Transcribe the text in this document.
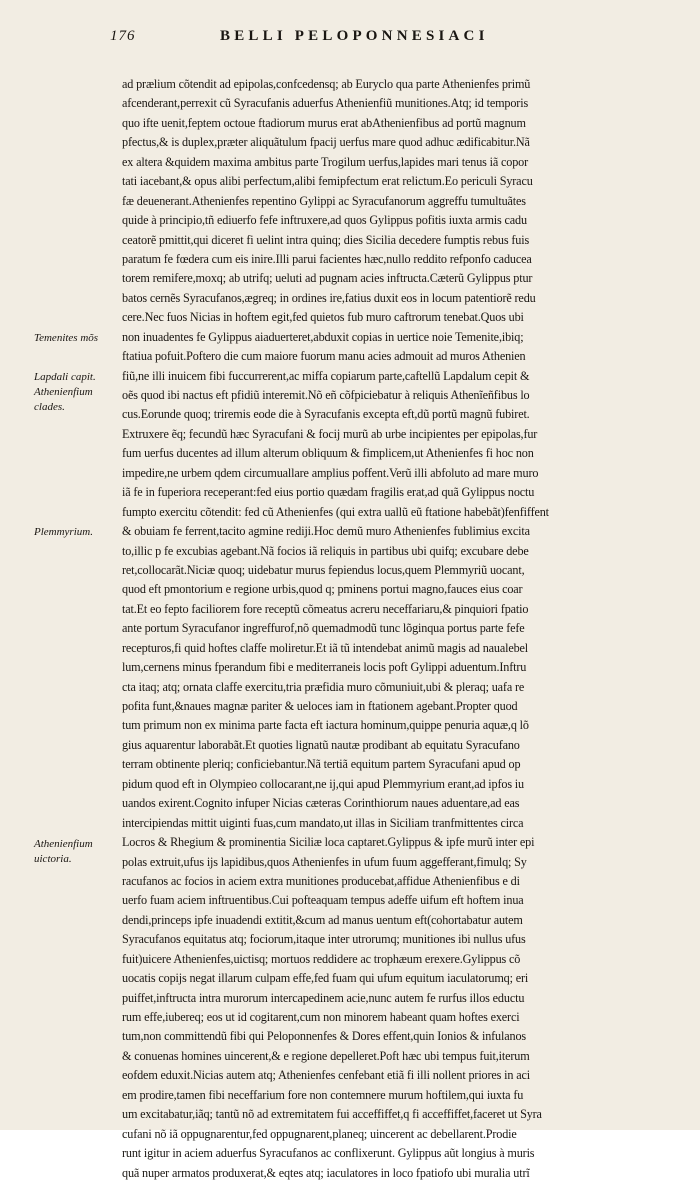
176	BELLI PELOPONNESIACI
Temenites mõs
Lapdali capit.
Athenienfium
clades.
Plemmyrium.
Athenienfium
uictoria.
ad prælium cõtendit ad epipolas,confcedensq; ab Euryclo qua parte Athenienfes primũ
afcenderant,perrexit cũ Syracufanis aduerfus Athenienfiũ munitiones.Atq; id temporis
quo ifte uenit,feptem octoue ftadiorum murus erat abAthenienfibus ad portũ magnum
pfectus,& is duplex,præter aliquãtulum fpacij uerfus mare quod adhuc ædificabitur.Nã
ex altera &quidem maxima ambitus parte Trogilum uerfus,lapides mari tenus iã copor
tati iacebant,& opus alibi perfectum,alibi femipfectum erat relictum.Eo periculi Syracu
fæ deuenerant.Athenienfes repentino Gylippi ac Syracufanorum aggreffu tumultuãtes
quide à principio,tñ ediuerfo fefe inftruxere,ad quos Gylippus pofitis iuxta armis cadu
ceatorẽ pmittit,qui diceret fi uelint intra quinq; dies Sicilia decedere fumptis rebus fuis
paratum fe fœdera cum eis inire.Illi parui facientes hæc,nullo reddito refponfo caducea
torem remifere,moxq; ab utrifq; ueluti ad pugnam acies inftructa.Cæterũ Gylippus ptur
batos cernẽs Syracufanos,ægreq; in ordines ire,fatius duxit eos in locum patentiorẽ redu
cere.Nec fuos Nicias in hoftem egit,fed quietos fub muro caftrorum tenebat.Quos ubi
non inuadentes fe Gylippus aiaduerteret,abduxit copias in uertice noie Temenite,ibiq;
ftatiua pofuit.Poftero die cum maiore fuorum manu acies admouit ad muros Athenien
fiũ,ne illi inuicem fibi fuccurrerent,ac miffa copiarum parte,caftellũ Lapdalum cepit &
oẽs quod ibi nactus eft pfidiũ interemit.Nõ eñ cõfpiciebatur à reliquis Athenĩeñfibus lo
cus.Eorunde quoq; triremis eode die à Syracufanis excepta eft,dũ portũ magnũ fubiret.
Extruxere ẽq; fecundũ hæc Syracufani & focij murũ ab urbe incipientes per epipolas,fur
fum uerfus ducentes ad illum alterum obliquum & fimplicem,ut Athenienfes fi hoc non
impedire,ne urbem qdem circumuallare amplius poffent.Verũ illi abfoluto ad mare muro
iã fe in fuperiora receperant:fed eius portio quædam fragilis erat,ad quã Gylippus noctu
fumpto exercitu cõtendit: fed cũ Athenienfes (qui extra uallũ eũ ftatione habebãt)fenfiffent
& obuiam fe ferrent,tacito agmine rediji.Hoc demũ muro Athenienfes fublimius excita
to,illic p fe excubias agebant.Nã focios iã reliquis in partibus ubi quifq; excubare debe
ret,collocarãt.Niciæ quoq; uidebatur murus fepiendus locus,quem Plemmyriũ uocant,
quod eft pmontorium e regione urbis,quod q; pminens portui magno,fauces eius coar
tat.Et eo fepto faciliorem fore receptũ cõmeatus acreru neceffariaru,& pinquiori fpatio
ante portum Syracufanor ingreffurof,nõ quemadmodũ tunc lõginqua portus parte fefe
recepturos,fi quid hoftes claffe moliretur.Et iã tũ intendebat animũ magis ad naualebel
lum,cernens minus fperandum fibi e mediterraneis locis poft Gylippi aduentum.Inftru
cta itaq; atq; ornata claffe exercitu,tria præfidia muro cõmuniuit,ubi & pleraq; uafa re
pofita funt,&naues magnæ pariter & ueloces iam in ftationem agebant.Propter quod
tum primum non ex minima parte facta eft iactura hominum,quippe penuria aquæ,q lõ
gius aquarentur laborabãt.Et quoties lignatũ nautæ prodibant ab equitatu Syracufano
terram obtinente pleriq; conficiebantur.Nã tertiã equitum partem Syracufani apud op
pidum quod eft in Olympieo collocarant,ne ij,qui apud Plemmyrium erant,ad ipfos iu
uandos exirent.Cognito infuper Nicias cæteras Corinthiorum naues aduentare,ad eas
intercipiendas mittit uiginti fuas,cum mandato,ut illas in Siciliam tranfmittentes circa
Locros & Rhegium & prominentia Siciliæ loca captaret.Gylippus & ipfe murũ inter epi
polas extruit,ufus ijs lapidibus,quos Athenienfes in ufum fuum aggefferant,fimulq; Sy
racufanos ac focios in aciem extra munitiones producebat,affidue Athenienfibus e di
uerfo fuam aciem inftruentibus.Cui pofteaquam tempus adeffe uifum eft hoftem inua
dendi,princeps ipfe inuadendi extitit,&cum ad manus uentum eft(cohortabatur autem
Syracufanos equitatus atq; fociorum,itaque inter utrorumq; munitiones ibi nullus ufus
fuit)uicere Athenienfes,uictisq; mortuos reddidere ac trophæum erexere.Gylippus cõ
uocatis copijs negat illarum culpam effe,fed fuam qui ufum equitum iaculatorumq; eri
puiffet,inftructa intra murorum intercapedinem acie,nunc autem fe rurfus illos eductu
rum effe,iubereq; eos ut id cogitarent,cum non minorem habeant quam hoftes exerci
tum,non committendũ fibi qui Peloponnenfes & Dores effent,quin Ionios & infulanos
& conuenas homines uincerent,& e regione depelleret.Poft hæc ubi tempus fuit,iterum
eofdem eduxit.Nicias autem atq; Athenienfes cenfebant etiã fi illi nollent priores in aci
em prodire,tamen fibi neceffarium fore non contemnere murum hoftilem,qui iuxta fu
um excitabatur,iãq; tantũ nõ ad extremitatem fui acceffiffet,q fi acceffiffet,faceret ut Syra
cufani nõ iã oppugnarentur,fed oppugnarent,planeq; uincerent ac debellarent.Prodie
runt igitur in aciem aduerfus Syracufanos ac conflixerunt. Gylippus aũt longius à muris
quã nuper armatos produxerat,& eqtes atq; iaculatores in loco fpatiofo ubi muralia utrĩ
